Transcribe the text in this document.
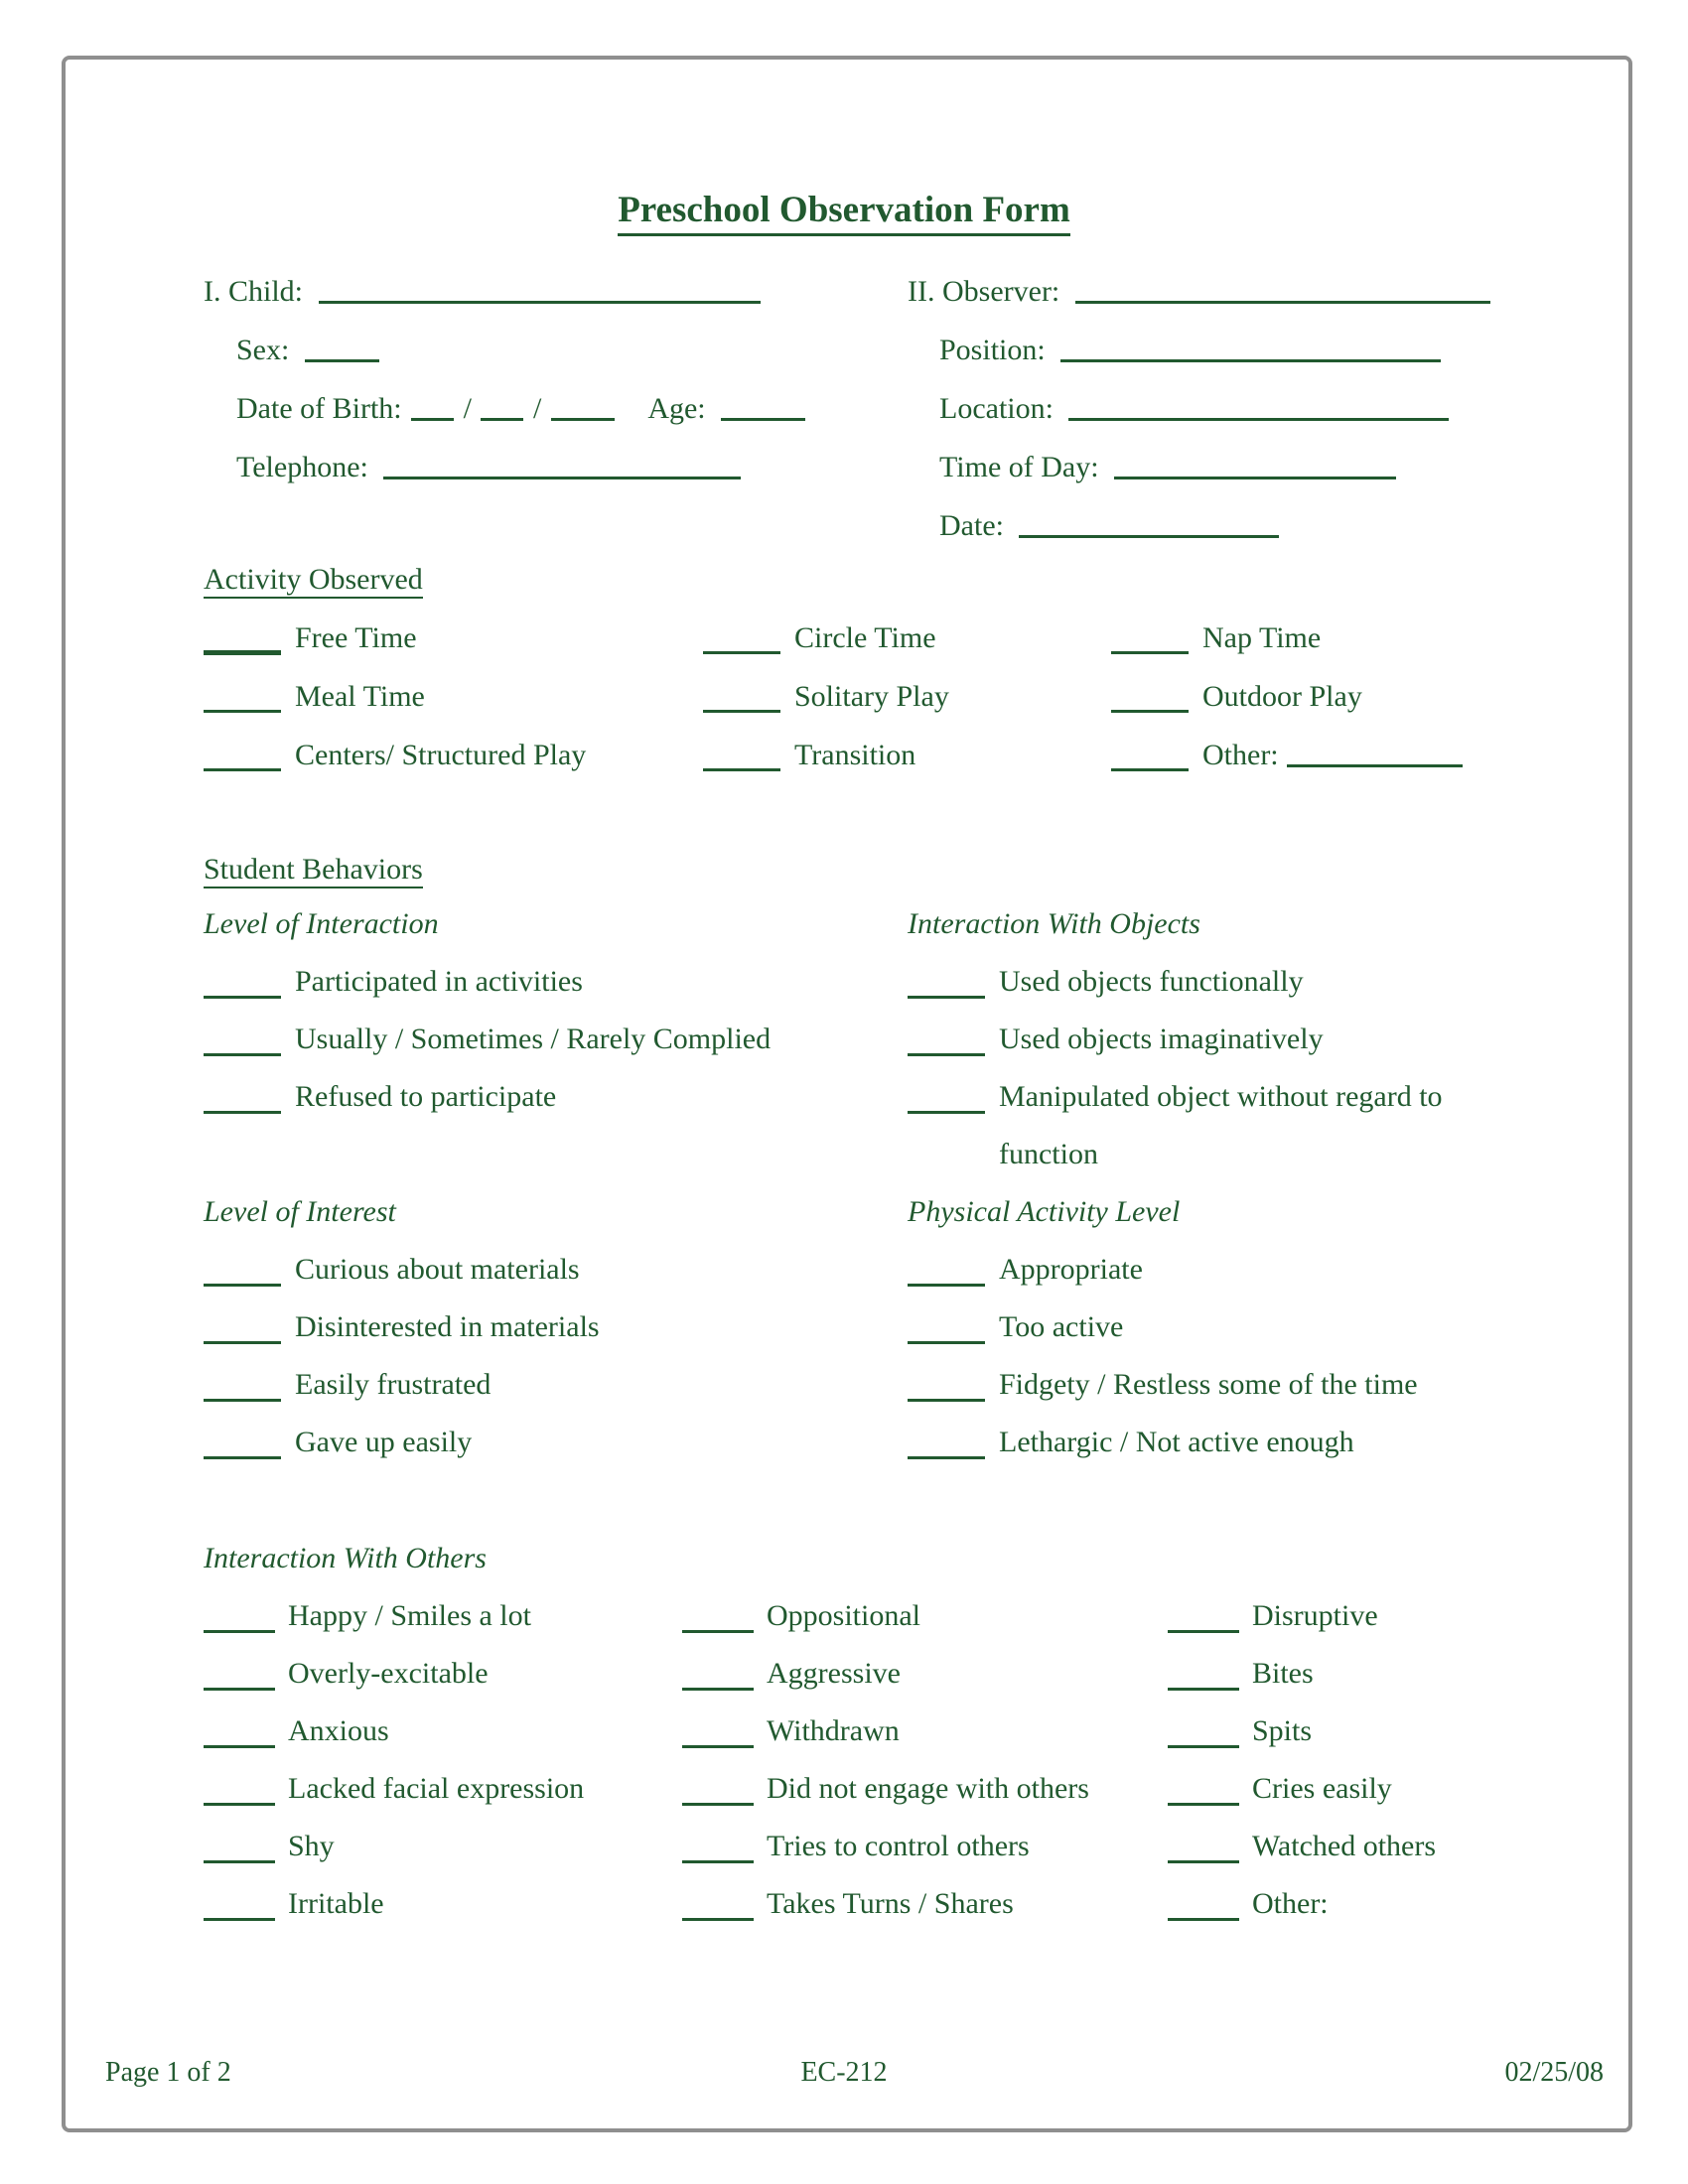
Preschool Observation Form
I. Child:
Sex:
Date of Birth: / /	Age:
Telephone:
II. Observer:
Position:
Location:
Time of Day:
Date:
Activity Observed
Free Time	Circle Time	Nap Time
Meal Time	Solitary Play	Outdoor Play
Centers/ Structured Play	Transition	Other:
Student Behaviors
Level of Interaction
Participated in activities
Usually / Sometimes / Rarely Complied
Refused to participate
Level of Interest
Curious about materials
Disinterested in materials
Easily frustrated
Gave up easily
Interaction With Objects
Used objects functionally
Used objects imaginatively
Manipulated object without regard to function
Physical Activity Level
Appropriate
Too active
Fidgety / Restless some of the time
Lethargic / Not active enough
Interaction With Others
Happy / Smiles a lot	Oppositional	Disruptive
Overly-excitable	Aggressive	Bites
Anxious	Withdrawn	Spits
Lacked facial expression	Did not engage with others	Cries easily
Shy	Tries to control others	Watched others
Irritable	Takes Turns / Shares	Other:
Page 1 of 2	EC-212	02/25/08
